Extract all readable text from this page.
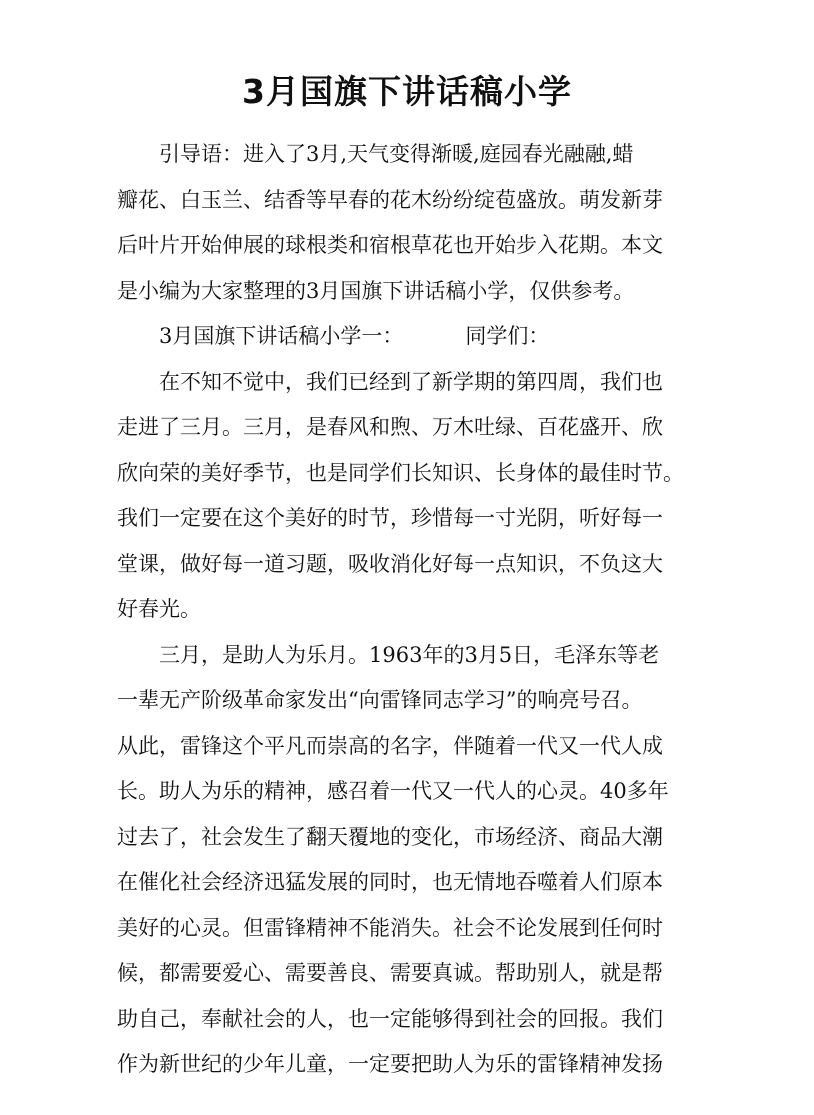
3月国旗下讲话稿小学
引导语：进入了3月,天气变得渐暖,庭园春光融融,蜡
瓣花、白玉兰、结香等早春的花木纷纷绽苞盛放。萌发新芽
后叶片开始伸展的球根类和宿根草花也开始步入花期。本文
是小编为大家整理的3月国旗下讲话稿小学，仅供参考。
3月国旗下讲话稿小学一：	同学们：
在不知不觉中，我们已经到了新学期的第四周，我们也
走进了三月。三月，是春风和煦、万木吐绿、百花盛开、欣
欣向荣的美好季节，也是同学们长知识、长身体的最佳时节。
我们一定要在这个美好的时节，珍惜每一寸光阴，听好每一
堂课，做好每一道习题，吸收消化好每一点知识，不负这大
好春光。
三月，是助人为乐月。1963年的3月5日，毛泽东等老
一辈无产阶级革命家发出“向雷锋同志学习”的响亮号召。
从此，雷锋这个平凡而崇高的名字，伴随着一代又一代人成
长。助人为乐的精神，感召着一代又一代人的心灵。40多年
过去了，社会发生了翻天覆地的变化，市场经济、商品大潮
在催化社会经济迅猛发展的同时，也无情地吞噬着人们原本
美好的心灵。但雷锋精神不能消失。社会不论发展到任何时
候，都需要爱心、需要善良、需要真诚。帮助别人，就是帮
助自己，奉献社会的人，也一定能够得到社会的回报。我们
作为新世纪的少年儿童，一定要把助人为乐的雷锋精神发扬
